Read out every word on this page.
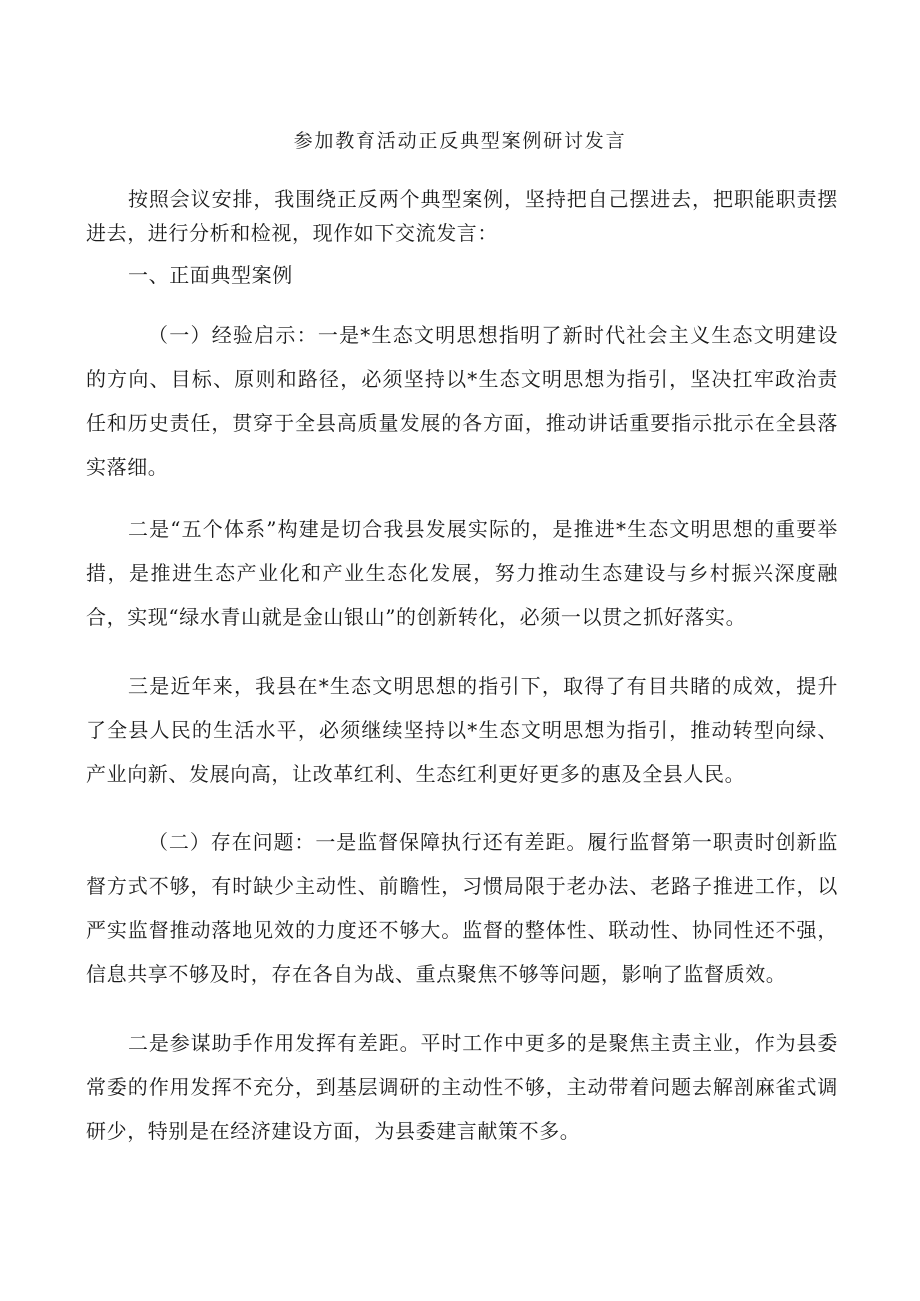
参加教育活动正反典型案例研讨发言

按照会议安排，我围绕正反两个典型案例，坚持把自己摆进去，把职能职责摆进去，进行分析和检视，现作如下交流发言：

一、正面典型案例

（一）经验启示：一是*生态文明思想指明了新时代社会主义生态文明建设的方向、目标、原则和路径，必须坚持以*生态文明思想为指引，坚决扛牢政治责任和历史责任，贯穿于全县高质量发展的各方面，推动讲话重要指示批示在全县落实落细。

二是“五个体系”构建是切合我县发展实际的，是推进*生态文明思想的重要举措，是推进生态产业化和产业生态化发展，努力推动生态建设与乡村振兴深度融合，实现“绿水青山就是金山银山”的创新转化，必须一以贯之抓好落实。

三是近年来，我县在*生态文明思想的指引下，取得了有目共睹的成效，提升了全县人民的生活水平，必须继续坚持以*生态文明思想为指引，推动转型向绿、产业向新、发展向高，让改革红利、生态红利更好更多的惠及全县人民。

（二）存在问题：一是监督保障执行还有差距。履行监督第一职责时创新监督方式不够，有时缺少主动性、前瞻性，习惯局限于老办法、老路子推进工作，以严实监督推动落地见效的力度还不够大。监督的整体性、联动性、协同性还不强，信息共享不够及时，存在各自为战、重点聚焦不够等问题，影响了监督质效。

二是参谋助手作用发挥有差距。平时工作中更多的是聚焦主责主业，作为县委常委的作用发挥不充分，到基层调研的主动性不够，主动带着问题去解剖麻雀式调研少，特别是在经济建设方面，为县委建言献策不多。
